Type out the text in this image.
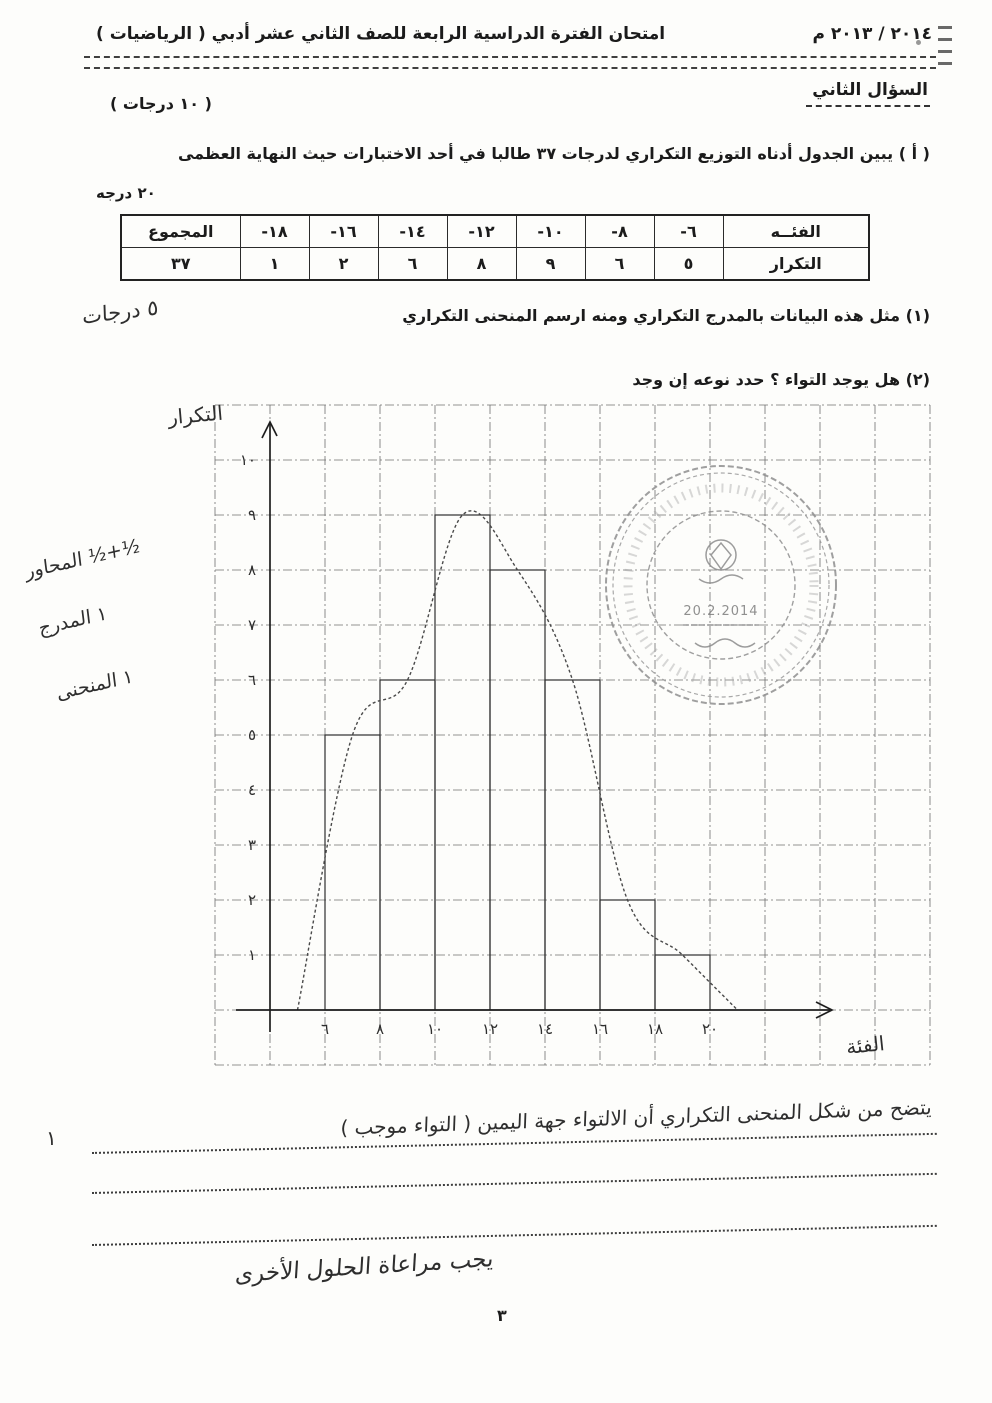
امتحان الفترة الدراسية الرابعة للصف الثاني عشر أدبي ( الرياضيات )	٢٠١٤ / ٢٠١٣ م
السؤال الثاني
( ١٠ درجات )
( أ ) يبين الجدول أدناه التوزيع التكراري لدرجات ٣٧ طالبا في أحد الاختبارات حيث النهاية العظمى
٢٠ درجه
الفئــه	-٦	-٨	-١٠	-١٢	-١٤	-١٦	-١٨	المجموع
التكرار	٥	٦	٩	٨	٦	٢	١	٣٧
(١) مثل هذه البيانات بالمدرج التكراري ومنه ارسم المنحنى التكراري
٥ درجات
(٢) هل يوجد التواء ؟ حدد نوعه إن وجد
½+½ المحاور
١ المدرج
١ المنحنى
١
٢
٣
٤
٥
٦
٧
٨
٩
١٠
٦	٨	١٠	١٢	١٤	١٦	١٨	٢٠
التكرار
الفئة
20.2.2014
يتضح من شكل المنحنى التكراري أن الالتواء جهة اليمين ( التواء موجب )
١
يجب مراعاة الحلول الأخرى
٣
